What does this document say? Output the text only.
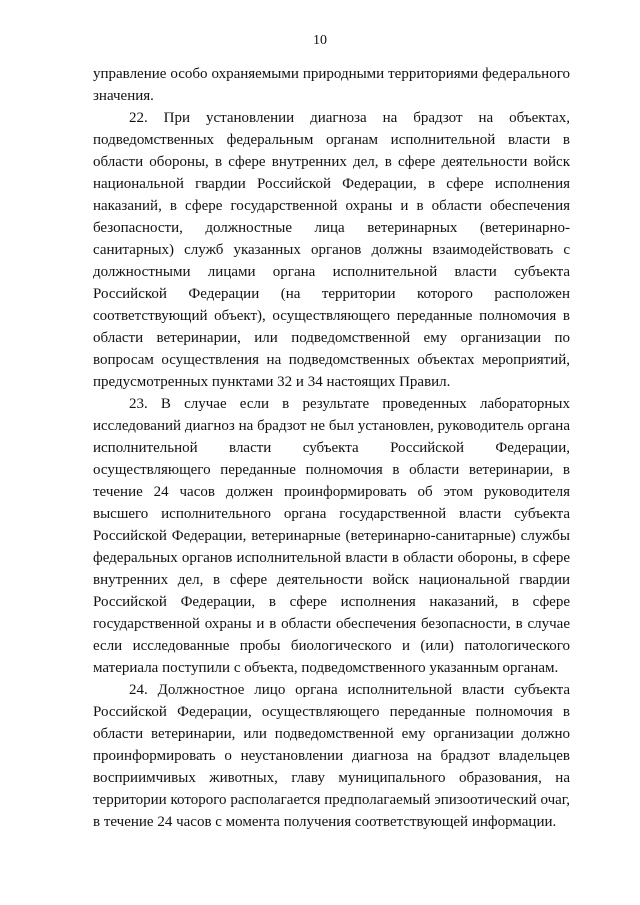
10

управление особо охраняемыми природными территориями федерального значения.

22. При установлении диагноза на брадзот на объектах, подведомственных федеральным органам исполнительной власти в области обороны, в сфере внутренних дел, в сфере деятельности войск национальной гвардии Российской Федерации, в сфере исполнения наказаний, в сфере государственной охраны и в области обеспечения безопасности, должностные лица ветеринарных (ветеринарно-санитарных) служб указанных органов должны взаимодействовать с должностными лицами органа исполнительной власти субъекта Российской Федерации (на территории которого расположен соответствующий объект), осуществляющего переданные полномочия в области ветеринарии, или подведомственной ему организации по вопросам осуществления на подведомственных объектах мероприятий, предусмотренных пунктами 32 и 34 настоящих Правил.

23. В случае если в результате проведенных лабораторных исследований диагноз на брадзот не был установлен, руководитель органа исполнительной власти субъекта Российской Федерации, осуществляющего переданные полномочия в области ветеринарии, в течение 24 часов должен проинформировать об этом руководителя высшего исполнительного органа государственной власти субъекта Российской Федерации, ветеринарные (ветеринарно-санитарные) службы федеральных органов исполнительной власти в области обороны, в сфере внутренних дел, в сфере деятельности войск национальной гвардии Российской Федерации, в сфере исполнения наказаний, в сфере государственной охраны и в области обеспечения безопасности, в случае если исследованные пробы биологического и (или) патологического материала поступили с объекта, подведомственного указанным органам.

24. Должностное лицо органа исполнительной власти субъекта Российской Федерации, осуществляющего переданные полномочия в области ветеринарии, или подведомственной ему организации должно проинформировать о неустановлении диагноза на брадзот владельцев восприимчивых животных, главу муниципального образования, на территории которого располагается предполагаемый эпизоотический очаг, в течение 24 часов с момента получения соответствующей информации.
